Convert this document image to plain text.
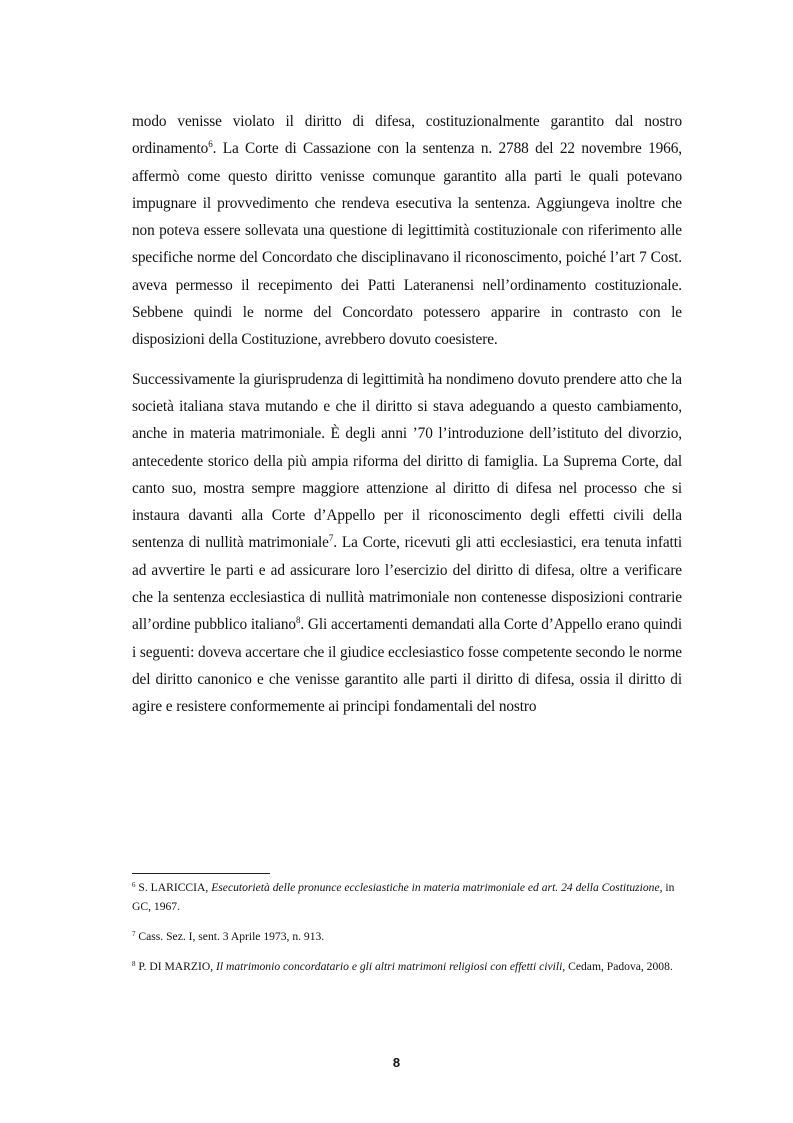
modo venisse violato il diritto di difesa, costituzionalmente garantito dal nostro ordinamento$^6$. La Corte di Cassazione con la sentenza n. 2788 del 22 novembre 1966, affermò come questo diritto venisse comunque garantito alla parti le quali potevano impugnare il provvedimento che rendeva esecutiva la sentenza. Aggiungeva inoltre che non poteva essere sollevata una questione di legittimità costituzionale con riferimento alle specifiche norme del Concordato che disciplinavano il riconoscimento, poiché l’art 7 Cost. aveva permesso il recepimento dei Patti Lateranensi nell’ordinamento costituzionale. Sebbene quindi le norme del Concordato potessero apparire in contrasto con le disposizioni della Costituzione, avrebbero dovuto coesistere.

Successivamente la giurisprudenza di legittimità ha nondimeno dovuto prendere atto che la società italiana stava mutando e che il diritto si stava adeguando a questo cambiamento, anche in materia matrimoniale. È degli anni ’70 l’introduzione dell’istituto del divorzio, antecedente storico della più ampia riforma del diritto di famiglia. La Suprema Corte, dal canto suo, mostra sempre maggiore attenzione al diritto di difesa nel processo che si instaura davanti alla Corte d’Appello per il riconoscimento degli effetti civili della sentenza di nullità matrimoniale$^7$. La Corte, ricevuti gli atti ecclesiastici, era tenuta infatti ad avvertire le parti e ad assicurare loro l’esercizio del diritto di difesa, oltre a verificare che la sentenza ecclesiastica di nullità matrimoniale non contenesse disposizioni contrarie all’ordine pubblico italiano$^8$. Gli accertamenti demandati alla Corte d’Appello erano quindi i seguenti: doveva accertare che il giudice ecclesiastico fosse competente secondo le norme del diritto canonico e che venisse garantito alle parti il diritto di difesa, ossia il diritto di agire e resistere conformemente ai principi fondamentali del nostro

$^6$ S. LARICCIA, Esecutorietà delle pronunce ecclesiastiche in materia matrimoniale ed art. 24 della Costituzione, in GC, 1967.

$^7$ Cass. Sez. I, sent. 3 Aprile 1973, n. 913.

$^8$ P. DI MARZIO, Il matrimonio concordatario e gli altri matrimoni religiosi con effetti civili, Cedam, Padova, 2008.

8
